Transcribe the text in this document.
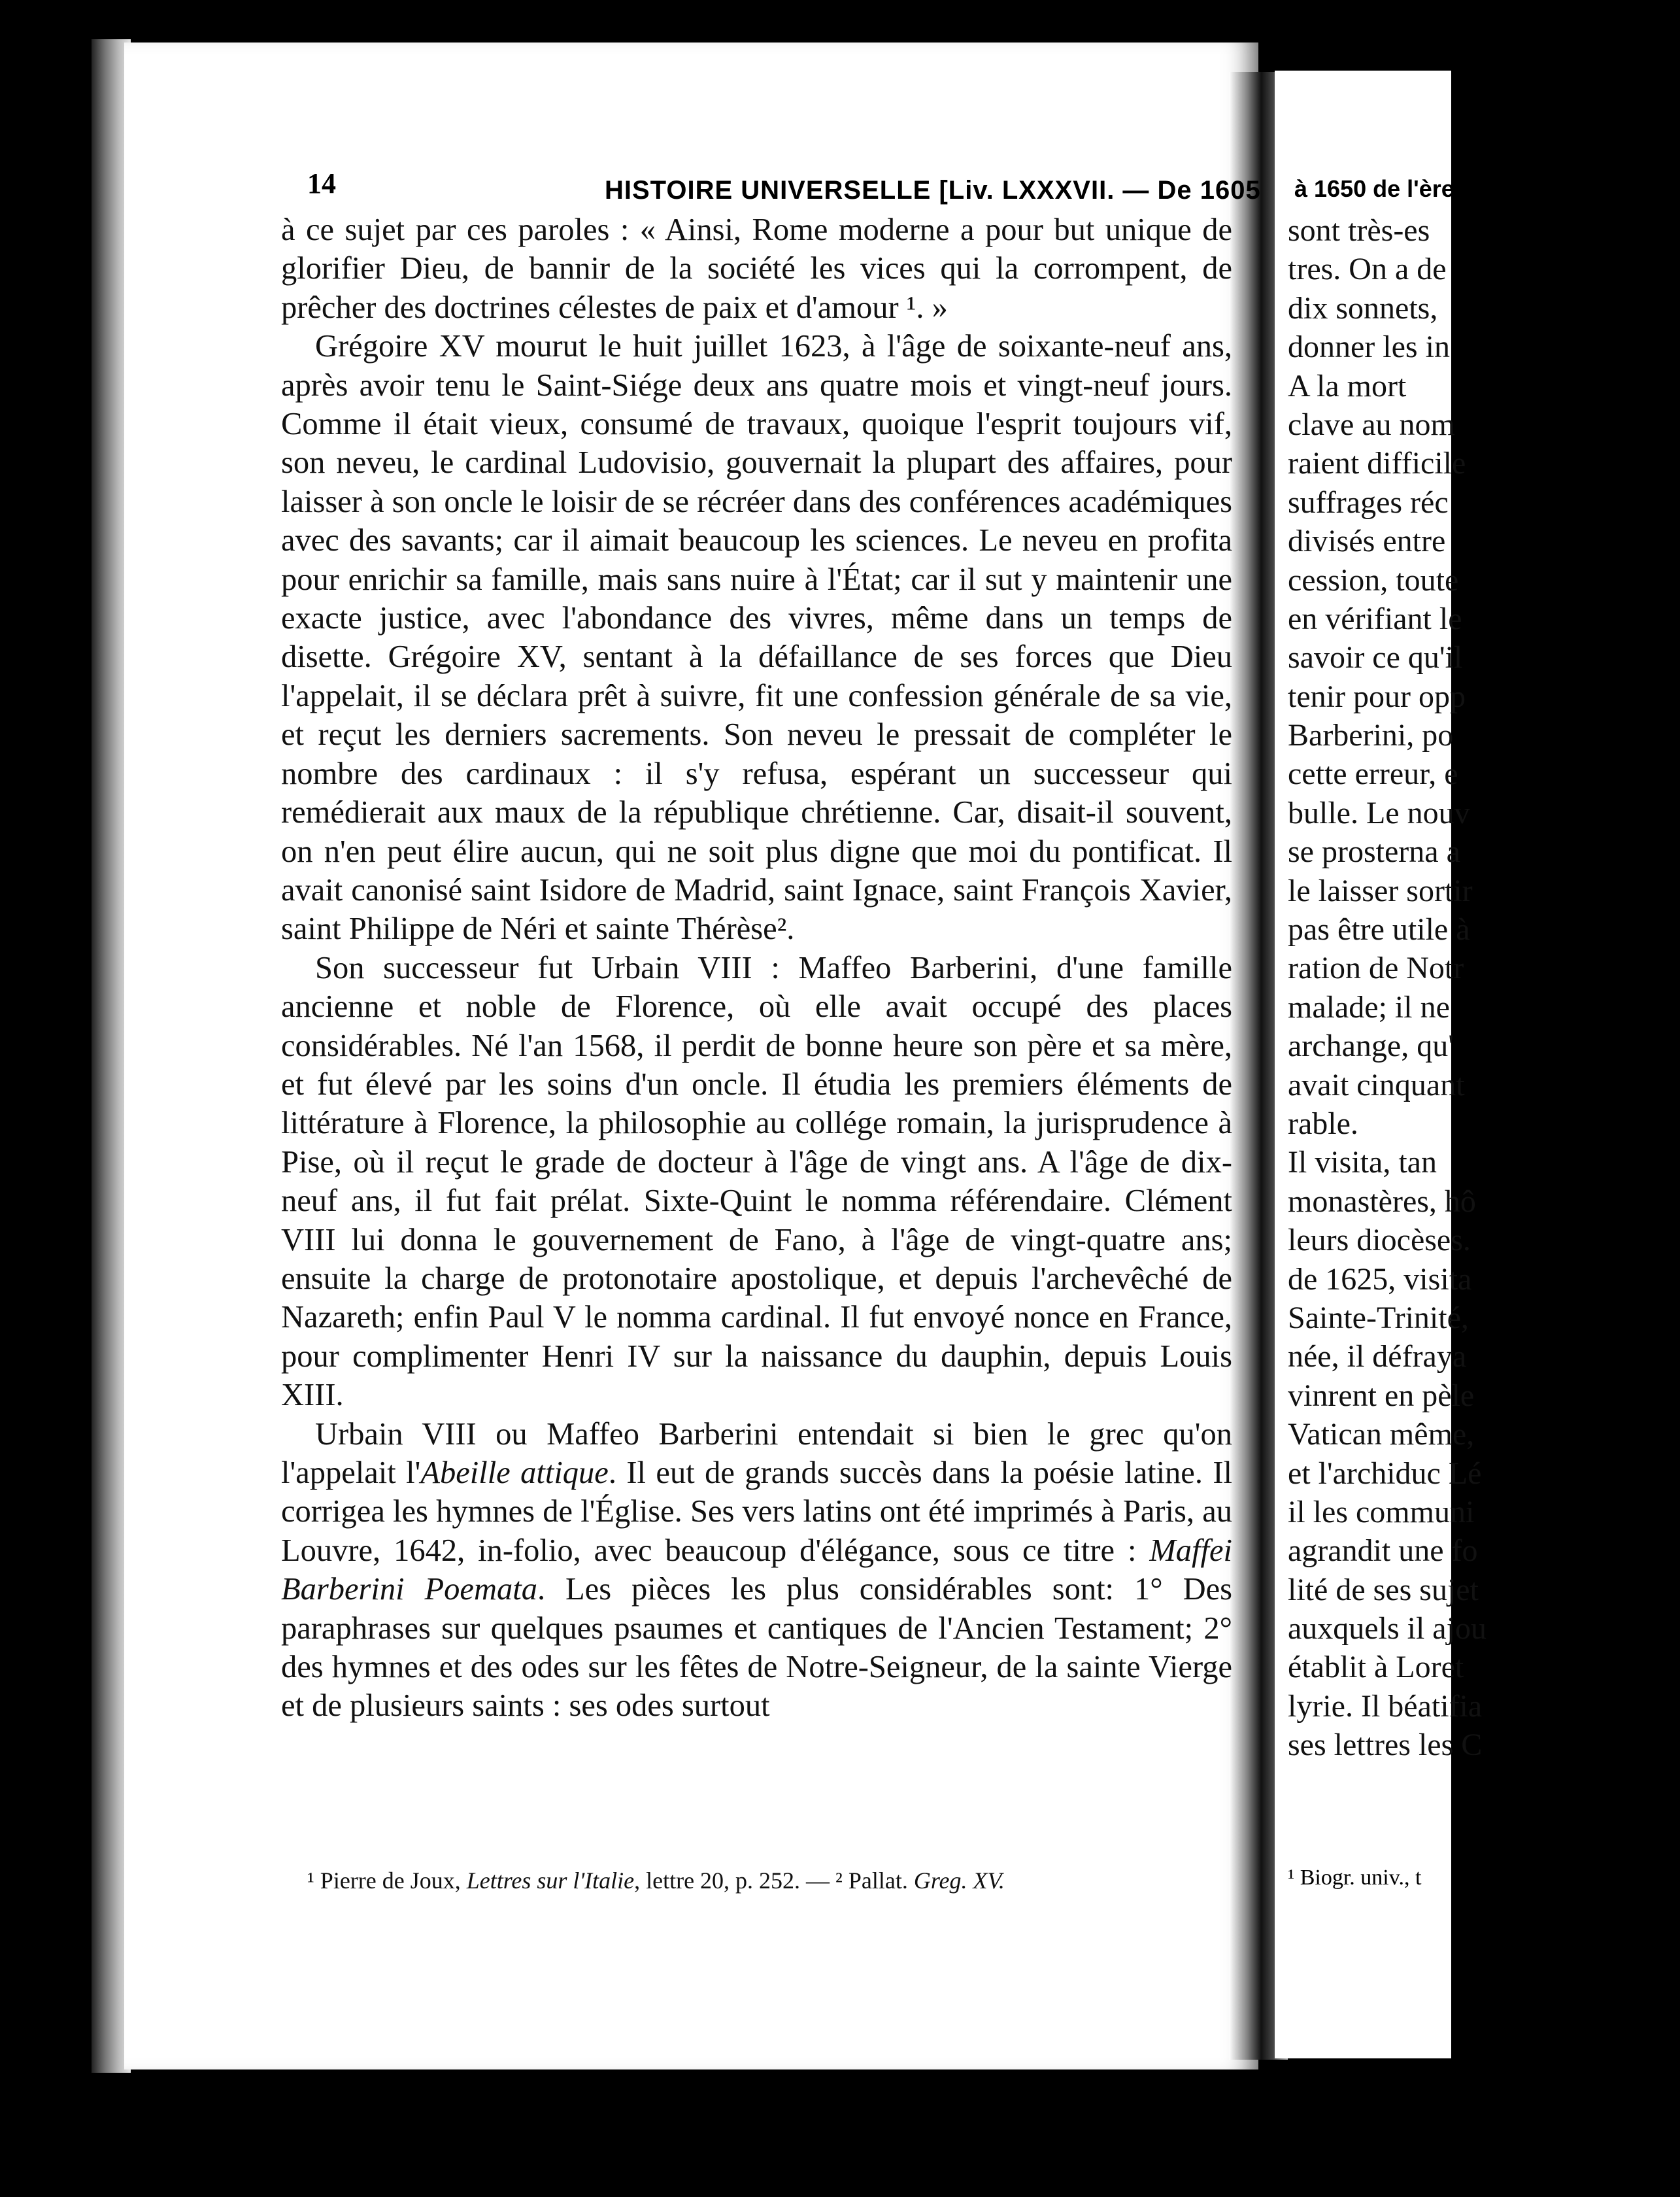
à 1650 de l'ère
sont très-es
tres. On a de
dix sonnets,
donner les in
A la mort
clave au nom
raient difficile
suffrages réc
divisés entre
cession, toute
en vérifiant le
savoir ce qu'il
tenir pour opp
Barberini, po
cette erreur, e
bulle. Le nouv
se prosterna a
le laisser sortir
pas être utile à
ration de Notr
malade; il ne
archange, qu'
avait cinquant
rable.
Il visita, tan
monastères, hô
leurs diocèses.
de 1625, visita
Sainte-Trinité,
née, il défraya
vinrent en pèle
Vatican même,
et l'archiduc Lé
il les communi
agrandit une fo
lité de ses sujet
auxquels il ajou
établit à Loret
lyrie. Il béatifia
ses lettres les C
¹ Biogr. univ., t
14	HISTOIRE UNIVERSELLE [Liv. LXXXVII. — De 1605

à ce sujet par ces paroles : « Ainsi, Rome moderne a pour but unique de glorifier Dieu, de bannir de la société les vices qui la corrompent, de prêcher des doctrines célestes de paix et d'amour ¹. »

Grégoire XV mourut le huit juillet 1623, à l'âge de soixante-neuf ans, après avoir tenu le Saint-Siége deux ans quatre mois et vingt-neuf jours. Comme il était vieux, consumé de travaux, quoique l'esprit toujours vif, son neveu, le cardinal Ludovisio, gouvernait la plupart des affaires, pour laisser à son oncle le loisir de se récréer dans des conférences académiques avec des savants; car il aimait beaucoup les sciences. Le neveu en profita pour enrichir sa famille, mais sans nuire à l'État; car il sut y maintenir une exacte justice, avec l'abondance des vivres, même dans un temps de disette. Grégoire XV, sentant à la défaillance de ses forces que Dieu l'appelait, il se déclara prêt à suivre, fit une confession générale de sa vie, et reçut les derniers sacrements. Son neveu le pressait de compléter le nombre des cardinaux : il s'y refusa, espérant un successeur qui remédierait aux maux de la république chrétienne. Car, disait-il souvent, on n'en peut élire aucun, qui ne soit plus digne que moi du pontificat. Il avait canonisé saint Isidore de Madrid, saint Ignace, saint François Xavier, saint Philippe de Néri et sainte Thérèse².

Son successeur fut Urbain VIII : Maffeo Barberini, d'une famille ancienne et noble de Florence, où elle avait occupé des places considérables. Né l'an 1568, il perdit de bonne heure son père et sa mère, et fut élevé par les soins d'un oncle. Il étudia les premiers éléments de littérature à Florence, la philosophie au collége romain, la jurisprudence à Pise, où il reçut le grade de docteur à l'âge de vingt ans. A l'âge de dix-neuf ans, il fut fait prélat. Sixte-Quint le nomma référendaire. Clément VIII lui donna le gouvernement de Fano, à l'âge de vingt-quatre ans; ensuite la charge de protonotaire apostolique, et depuis l'archevêché de Nazareth; enfin Paul V le nomma cardinal. Il fut envoyé nonce en France, pour complimenter Henri IV sur la naissance du dauphin, depuis Louis XIII.

Urbain VIII ou Maffeo Barberini entendait si bien le grec qu'on l'appelait l'Abeille attique. Il eut de grands succès dans la poésie latine. Il corrigea les hymnes de l'Église. Ses vers latins ont été imprimés à Paris, au Louvre, 1642, in-folio, avec beaucoup d'élégance, sous ce titre : Maffei Barberini Poemata. Les pièces les plus considérables sont: 1° Des paraphrases sur quelques psaumes et cantiques de l'Ancien Testament; 2° des hymnes et des odes sur les fêtes de Notre-Seigneur, de la sainte Vierge et de plusieurs saints : ses odes surtout

¹ Pierre de Joux, Lettres sur l'Italie, lettre 20, p. 252. — ² Pallat. Greg. XV.
